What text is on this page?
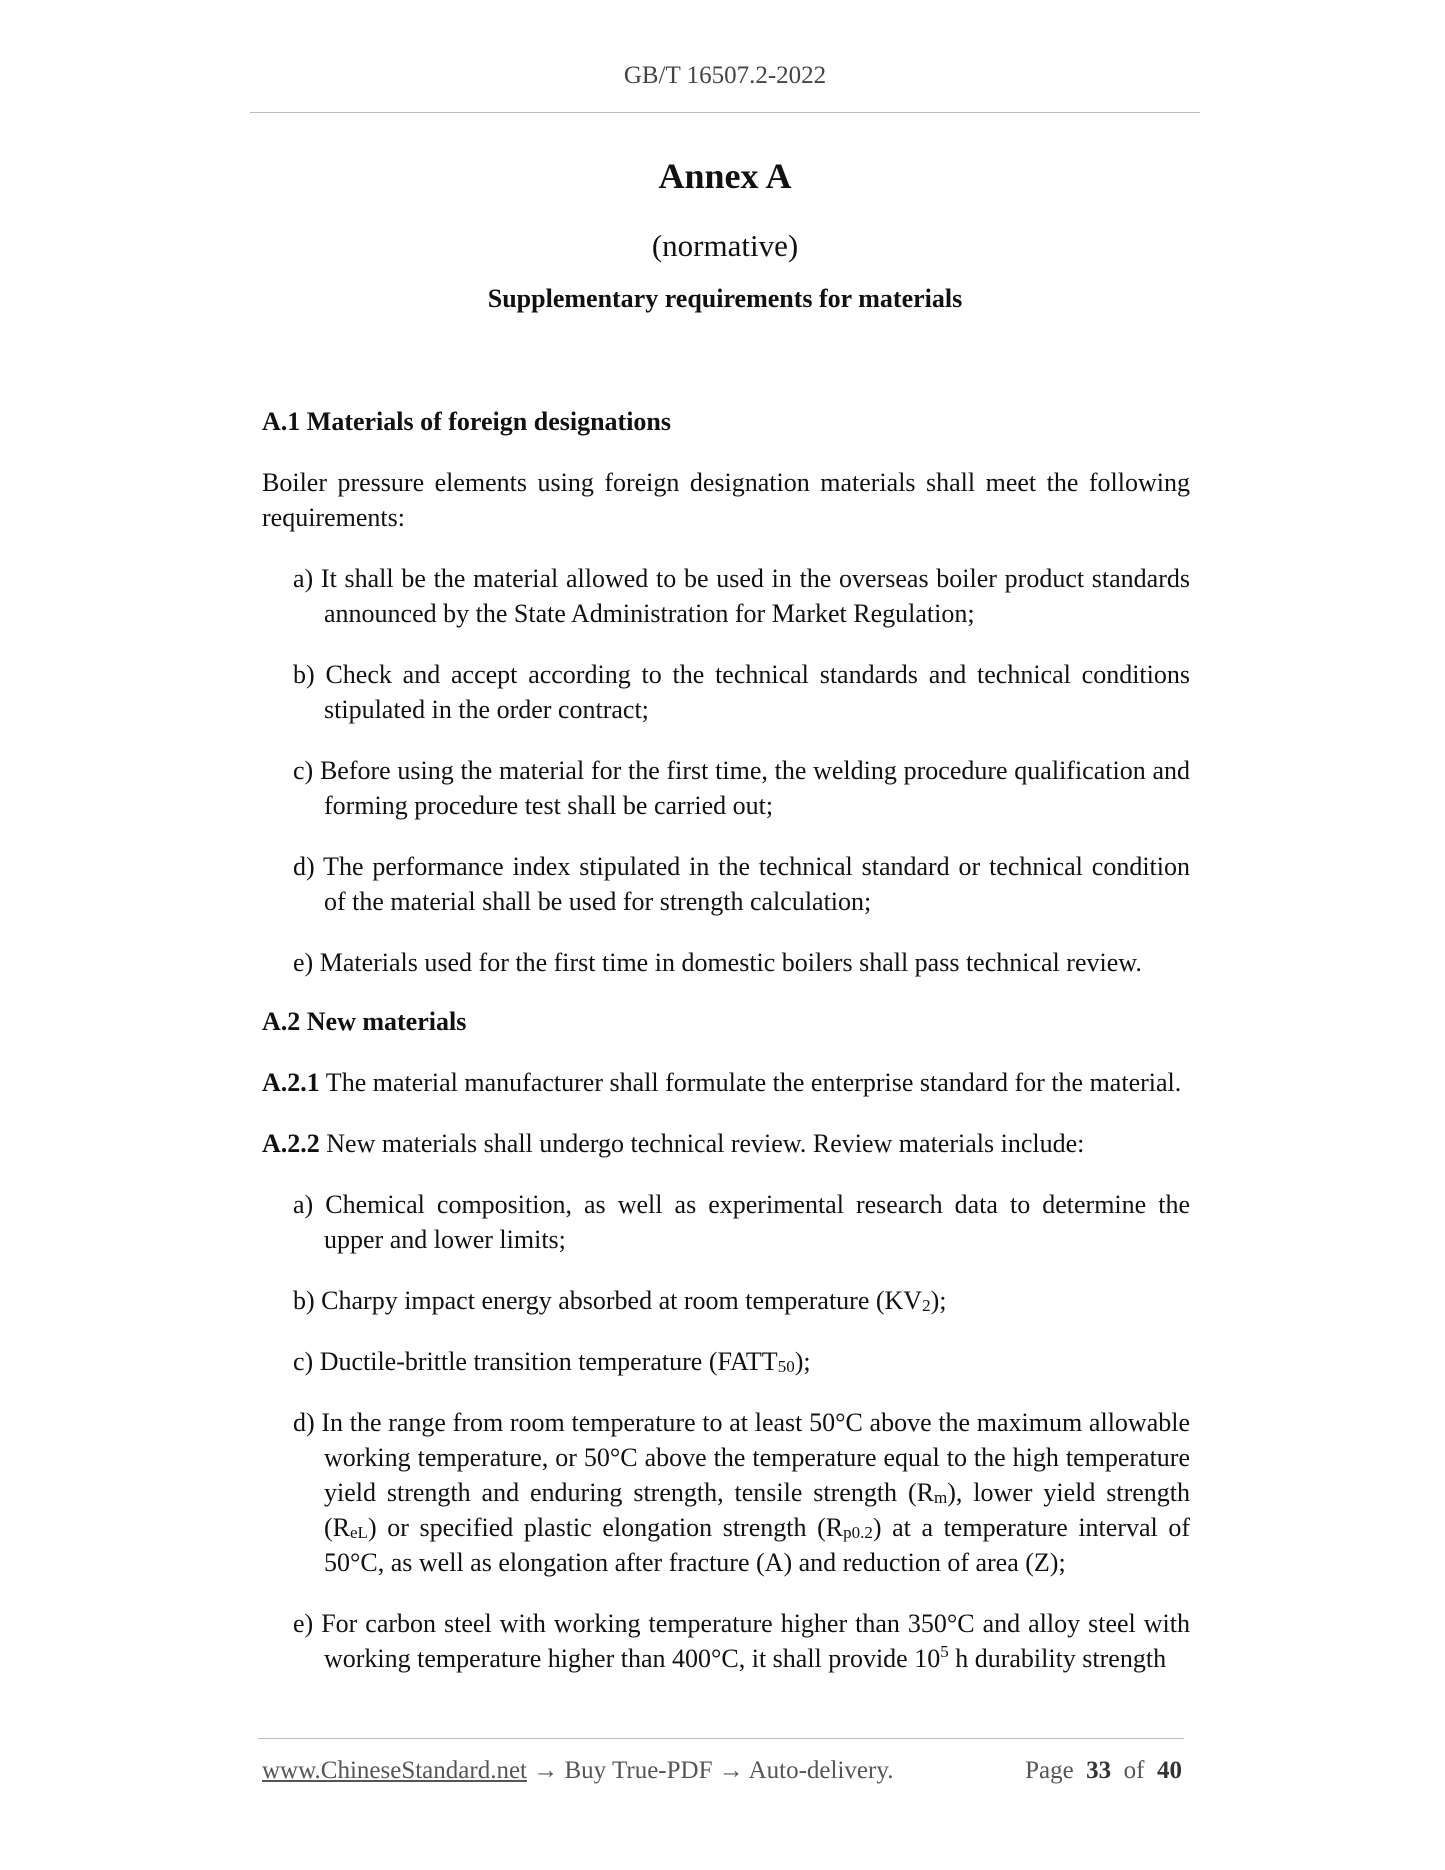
GB/T 16507.2-2022
Annex A
(normative)
Supplementary requirements for materials
A.1 Materials of foreign designations
Boiler pressure elements using foreign designation materials shall meet the following requirements:
a) It shall be the material allowed to be used in the overseas boiler product standards announced by the State Administration for Market Regulation;
b) Check and accept according to the technical standards and technical conditions stipulated in the order contract;
c) Before using the material for the first time, the welding procedure qualification and forming procedure test shall be carried out;
d) The performance index stipulated in the technical standard or technical condition of the material shall be used for strength calculation;
e) Materials used for the first time in domestic boilers shall pass technical review.
A.2 New materials
A.2.1 The material manufacturer shall formulate the enterprise standard for the material.
A.2.2 New materials shall undergo technical review. Review materials include:
a) Chemical composition, as well as experimental research data to determine the upper and lower limits;
b) Charpy impact energy absorbed at room temperature $(KV_2)$;
c) Ductile-brittle transition temperature $(FATT_{50})$;
d) In the range from room temperature to at least 50°C above the maximum allowable working temperature, or 50°C above the temperature equal to the high temperature yield strength and enduring strength, tensile strength $(R_m)$, lower yield strength $(R_{eL})$ or specified plastic elongation strength $(R_{p0.2})$ at a temperature interval of 50°C, as well as elongation after fracture (A) and reduction of area (Z);
e) For carbon steel with working temperature higher than 350°C and alloy steel with working temperature higher than 400°C, it shall provide $10^5$ h durability strength
www.ChineseStandard.net → Buy True-PDF → Auto-delivery.	Page 33 of 40
